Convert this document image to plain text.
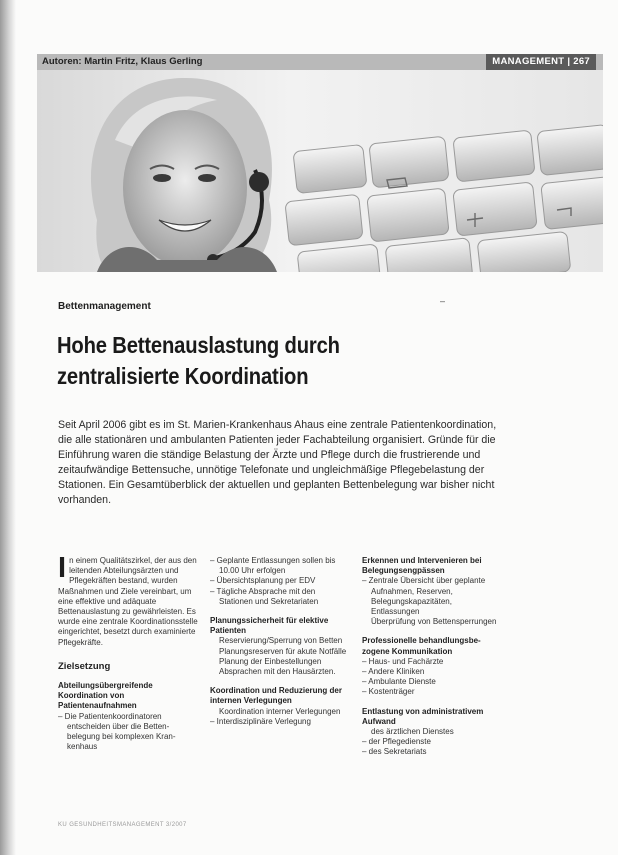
Autoren: Martin Fritz, Klaus Gerling	MANAGEMENT | 267
Bettenmanagement	–
Hohe Bettenauslastung durch zentralisierte Koordination
Seit April 2006 gibt es im St. Marien-Krankenhaus Ahaus eine zentrale Patientenkoordination, die alle stationären und ambulanten Patienten jeder Fachabteilung organisiert. Gründe für die Einführung waren die ständige Belastung der Ärzte und Pflege durch die frustrierende und zeitaufwändige Bettensuche, unnötige Telefonate und ungleichmäßige Pflegebelastung der Stationen. Ein Gesamtüberblick der aktuellen und geplanten Bettenbelegung war bisher nicht vorhanden.
In einem Qualitätszirkel, der aus den leitenden Abteilungsärzten und Pflegekräften bestand, wurden Maßnahmen und Ziele vereinbart, um eine effektive und adäquate Bettenauslastung zu gewährleisten. Es wurde eine zentrale Koordinationsstelle eingerichtet, besetzt durch examinierte Pflegekräfte.
Zielsetzung
Abteilungsübergreifende Koordination von Patientenaufnahmen
– Die Patientenkoordinatoren entscheiden über die Bettenbelegung bei komplexen Krankenhaus
– Geplante Entlassungen sollen bis 10.00 Uhr erfolgen
– Übersichtsplanung per EDV
– Tägliche Absprache mit den Stationen und Sekretariaten
Planungssicherheit für elektive Patienten
Reservierung/Sperrung von Betten
Planungsreserven für akute Notfälle
Planung der Einbestellungen
Absprachen mit den Hausärzten.
Koordination und Reduzierung der internen Verlegungen
Koordination interner Verlegungen
– Interdisziplinäre Verlegung
Erkennen und Intervenieren bei Belegungsengpässen
– Zentrale Übersicht über geplante Aufnahmen, Reserven, Belegungskapazitäten, Entlassungen
Überprüfung von Bettensperrungen
Professionelle behandlungsbezogene Kommunikation
– Haus- und Fachärzte
– Andere Kliniken
– Ambulante Dienste
– Kostenträger
Entlastung von administrativem Aufwand
des ärztlichen Dienstes
– der Pflegedienste
– des Sekretariats
KU GESUNDHEITSMANAGEMENT 3/2007
